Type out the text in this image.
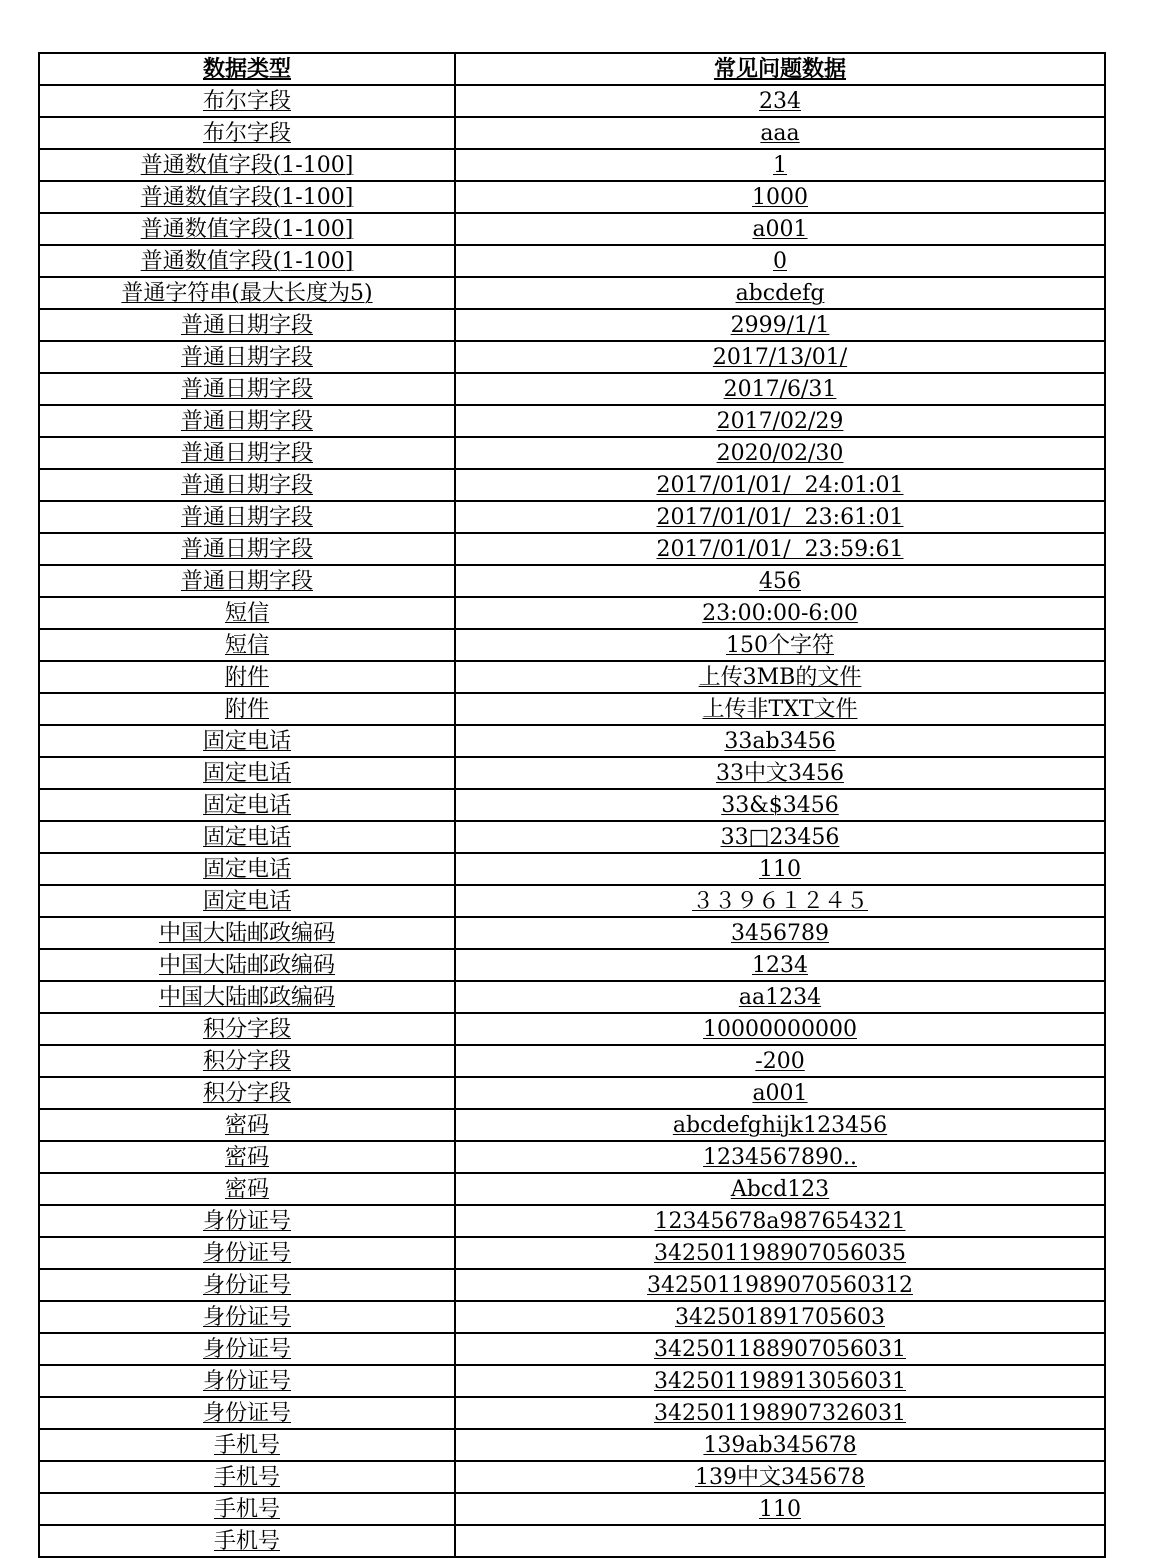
数据类型	常见问题数据
布尔字段	234
布尔字段	aaa
普通数值字段(1-100]	1
普通数值字段(1-100]	1000
普通数值字段(1-100]	a001
普通数值字段(1-100]	0
普通字符串(最大长度为5)	abcdefg
普通日期字段	2999/1/1
普通日期字段	2017/13/01/
普通日期字段	2017/6/31
普通日期字段	2017/02/29
普通日期字段	2020/02/30
普通日期字段	2017/01/01/  24:01:01
普通日期字段	2017/01/01/  23:61:01
普通日期字段	2017/01/01/  23:59:61
普通日期字段	456
短信	23:00:00-6:00
短信	150个字符
附件	上传3MB的文件
附件	上传非TXT文件
固定电话	33ab3456
固定电话	33中文3456
固定电话	33&$3456
固定电话	33□23456
固定电话	110
固定电话	３３９６１２４５
中国大陆邮政编码	3456789
中国大陆邮政编码	1234
中国大陆邮政编码	aa1234
积分字段	10000000000
积分字段	-200
积分字段	a001
密码	abcdefghijk123456
密码	1234567890..
密码	Abcd123
身份证号	12345678a987654321
身份证号	342501198907056035
身份证号	3425011989070560312
身份证号	342501891705603
身份证号	342501188907056031
身份证号	342501198913056031
身份证号	342501198907326031
手机号	139ab345678
手机号	139中文345678
手机号	110
手机号	
